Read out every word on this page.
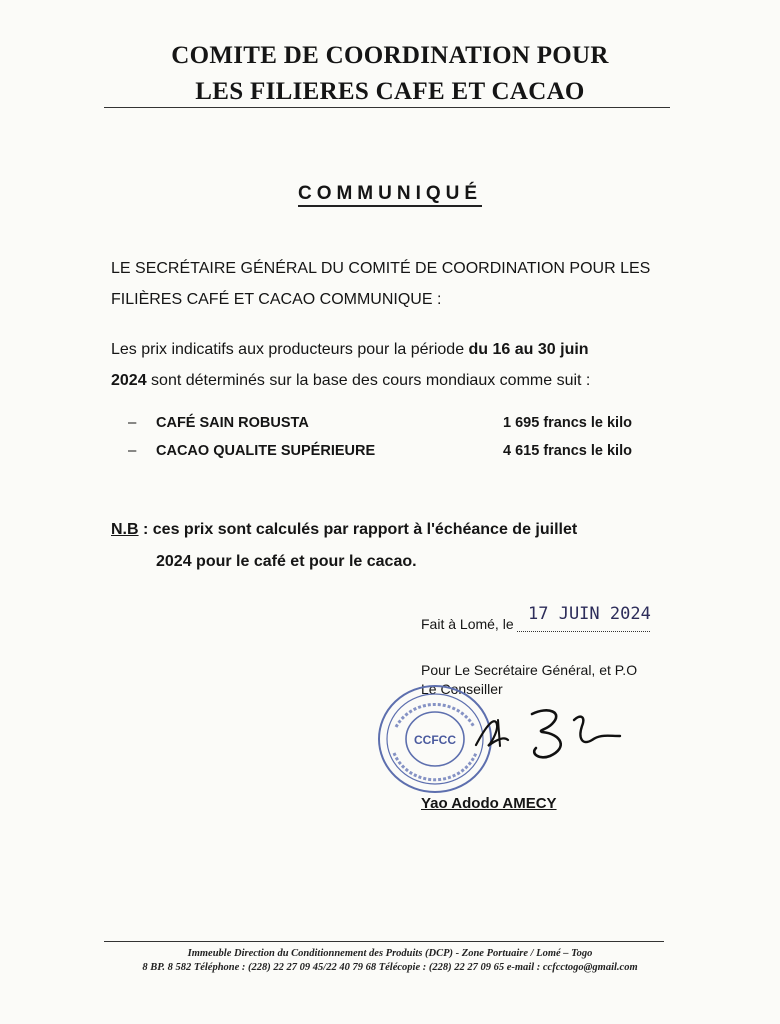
COMITE DE COORDINATION POUR
LES FILIERES CAFE ET CACAO
COMMUNIQUÉ
LE SECRÉTAIRE GÉNÉRAL DU COMITÉ DE COORDINATION POUR LES
FILIÈRES CAFÉ ET CACAO COMMUNIQUE :
Les prix indicatifs aux producteurs pour la période du 16 au 30 juin
2024 sont déterminés sur la base des cours mondiaux comme suit :
– CAFÉ SAIN ROBUSTA	1 695 francs le kilo
– CACAO QUALITE SUPÉRIEURE	4 615 francs le kilo
N.B : ces prix sont calculés par rapport à l'échéance de juillet
2024 pour le café et pour le cacao.
Fait à Lomé, le 17 JUIN 2024
Pour Le Secrétaire Général, et P.O
Le Conseiller
CCFCC
Yao Adodo AMECY
Immeuble Direction du Conditionnement des Produits (DCP) - Zone Portuaire / Lomé – Togo
8 BP. 8 582 Téléphone : (228) 22 27 09 45/22 40 79 68 Télécopie : (228) 22 27 09 65 e-mail : ccfcctogo@gmail.com
